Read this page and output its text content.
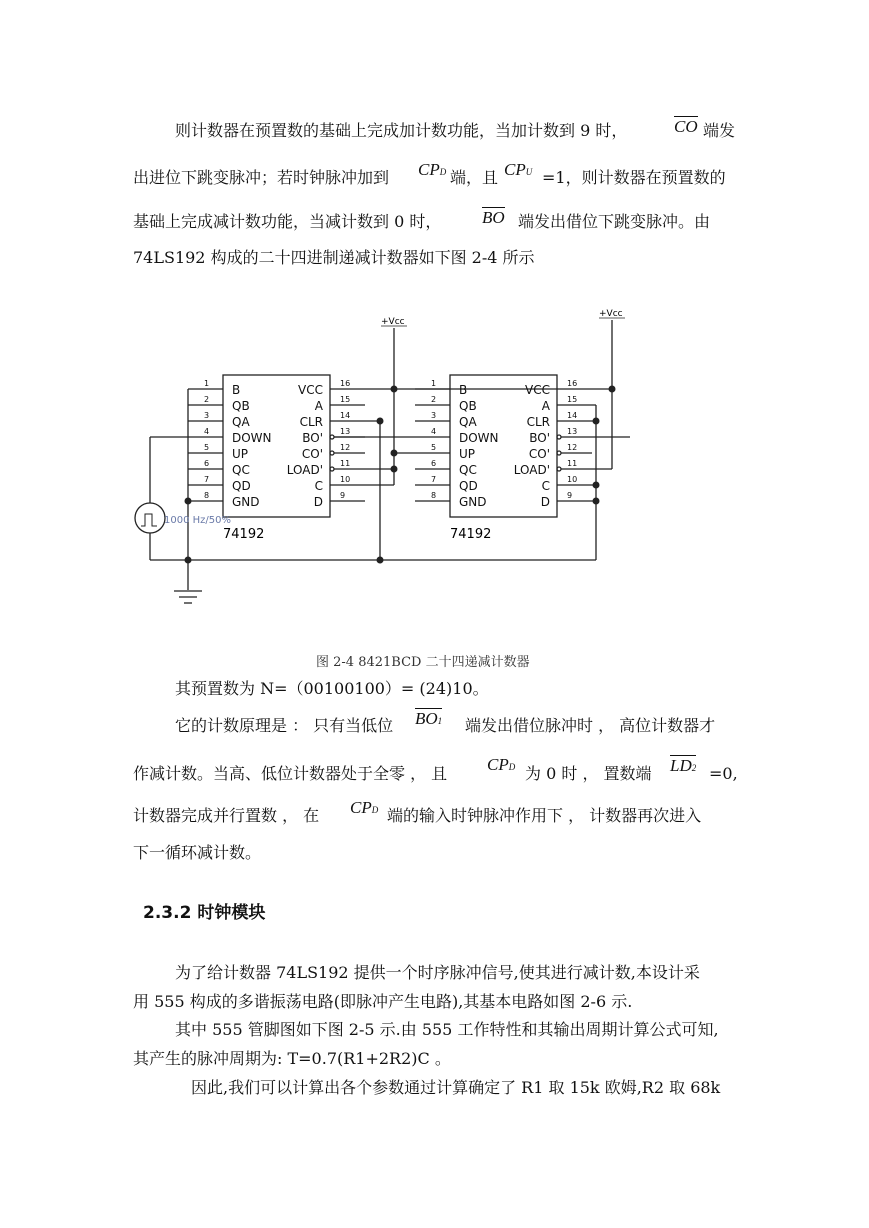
则计数器在预置数的基础上完成加计数功能，当加计数到 9 时，	CO 端发
出进位下跳变脉冲；若时钟脉冲加到 CPD 端，且 CPU =1，则计数器在预置数的
基础上完成减计数功能，当减计数到 0 时， BO 端发出借位下跳变脉冲。由
74LS192 构成的二十四进制递减计数器如下图 2-4 所示
+Vcc
+Vcc
1000 Hz/50%
74192	74192
B
QB
QA
DOWN
UP
QC
QD
GND
VCC
A
CLR
BO'
CO'
LOAD'
C
D
B
QB
QA
DOWN
UP
QC
QD
GND
VCC
A
CLR
BO'
CO'
LOAD'
C
D
1
2
3
4
5
6
7
8
16
15
14
13
12
11
10
9
1
2
3
4
5
6
7
8
16
15
14
13
12
11
10
9
图 2-4 8421BCD 二十四递减计数器
其预置数为 N=（00100100）= (24)10。
它的计数原理是 ： 只有当低位 BO1 端发出借位脉冲时 ， 高位计数器才
作减计数。当高、低位计数器处于全零 ， 且 CPD 为 0 时 ， 置数端 LD2 =0,
计数器完成并行置数 ， 在 CPD 端的输入时钟脉冲作用下 ， 计数器再次进入
下一循环减计数。
2.3.2 时钟模块
为了给计数器 74LS192 提供一个时序脉冲信号,使其进行减计数,本设计采
用 555 构成的多谐振荡电路(即脉冲产生电路),其基本电路如图 2-6 示.
其中 555 管脚图如下图 2-5 示.由 555 工作特性和其输出周期计算公式可知,
其产生的脉冲周期为: T=0.7(R1+2R2)C 。
因此,我们可以计算出各个参数通过计算确定了 R1 取 15k 欧姆,R2 取 68k
